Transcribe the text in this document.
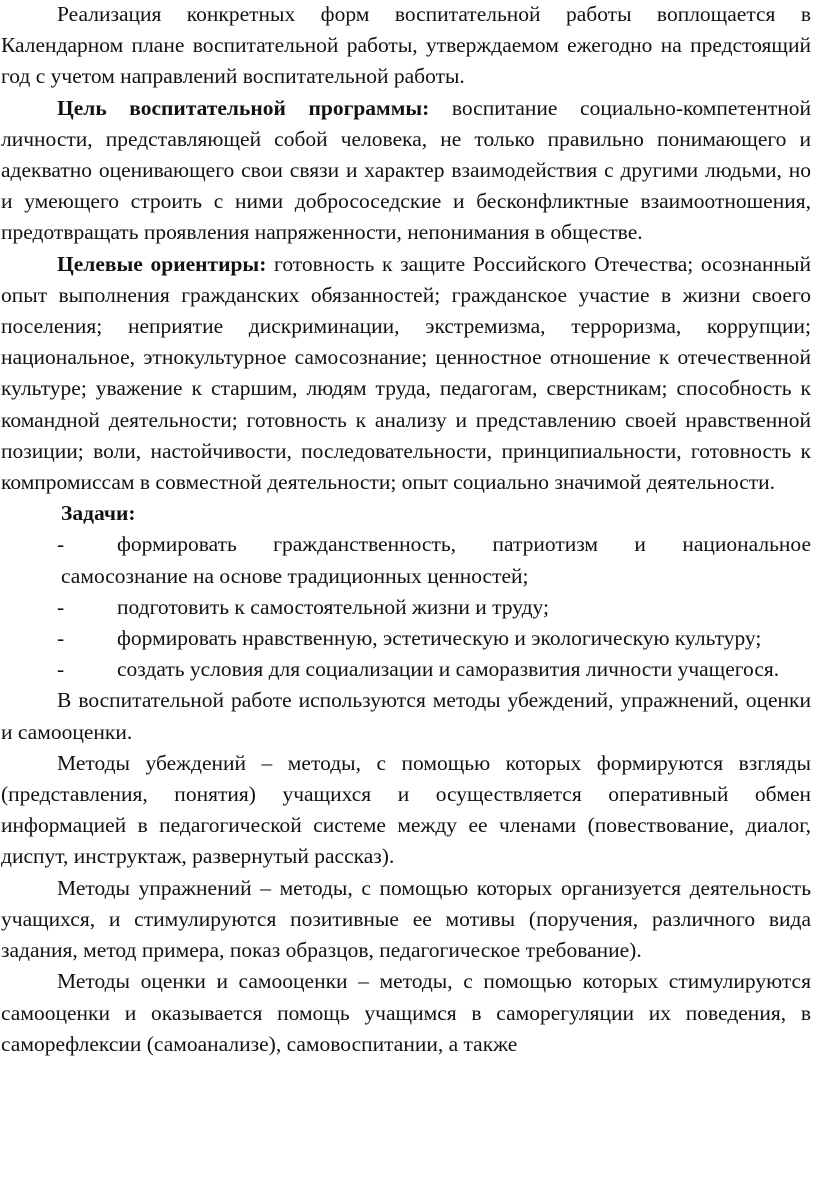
Реализация конкретных форм воспитательной работы воплощается в Календарном плане воспитательной работы, утверждаемом ежегодно на предстоящий год с учетом направлений воспитательной работы.

Цель воспитательной программы: воспитание социально-компетентной личности, представляющей собой человека, не только правильно понимающего и адекватно оценивающего свои связи и характер взаимодействия с другими людьми, но и умеющего строить с ними добрососедские и бесконфликтные взаимоотношения, предотвращать проявления напряженности, непонимания в обществе.

Целевые ориентиры: готовность к защите Российского Отечества; осознанный опыт выполнения гражданских обязанностей; гражданское участие в жизни своего поселения; неприятие дискриминации, экстремизма, терроризма, коррупции; национальное, этнокультурное самосознание; ценностное отношение к отечественной культуре; уважение к старшим, людям труда, педагогам, сверстникам; способность к командной деятельности; готовность к анализу и представлению своей нравственной позиции; воли, настойчивости, последовательности, принципиальности, готовность к компромиссам в совместной деятельности; опыт социально значимой деятельности.

Задачи:
- формировать гражданственность, патриотизм и национальное самосознание на основе традиционных ценностей;
- подготовить к самостоятельной жизни и труду;
- формировать нравственную, эстетическую и экологическую культуру;
- создать условия для социализации и саморазвития личности учащегося.

В воспитательной работе используются методы убеждений, упражнений, оценки и самооценки.

Методы убеждений – методы, с помощью которых формируются взгляды (представления, понятия) учащихся и осуществляется оперативный обмен информацией в педагогической системе между ее членами (повествование, диалог, диспут, инструктаж, развернутый рассказ).

Методы упражнений – методы, с помощью которых организуется деятельность учащихся, и стимулируются позитивные ее мотивы (поручения, различного вида задания, метод примера, показ образцов, педагогическое требование).

Методы оценки и самооценки – методы, с помощью которых стимулируются самооценки и оказывается помощь учащимся в саморегуляции их поведения, в саморефлексии (самоанализе), самовоспитании, а также
